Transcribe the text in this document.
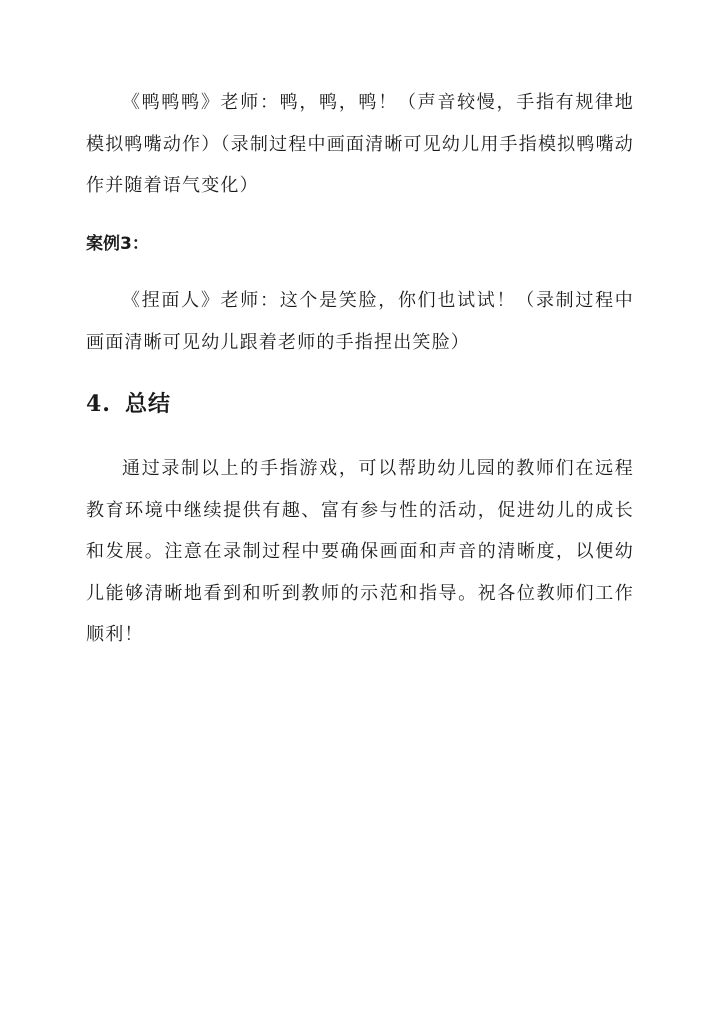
《鸭鸭鸭》老师：鸭，鸭，鸭！（声音较慢，手指有规律地模拟鸭嘴动作）（录制过程中画面清晰可见幼儿用手指模拟鸭嘴动作并随着语气变化）

案例3：

《捏面人》老师：这个是笑脸，你们也试试！（录制过程中画面清晰可见幼儿跟着老师的手指捏出笑脸）

4. 总结

通过录制以上的手指游戏，可以帮助幼儿园的教师们在远程教育环境中继续提供有趣、富有参与性的活动，促进幼儿的成长和发展。注意在录制过程中要确保画面和声音的清晰度，以便幼儿能够清晰地看到和听到教师的示范和指导。祝各位教师们工作顺利！
